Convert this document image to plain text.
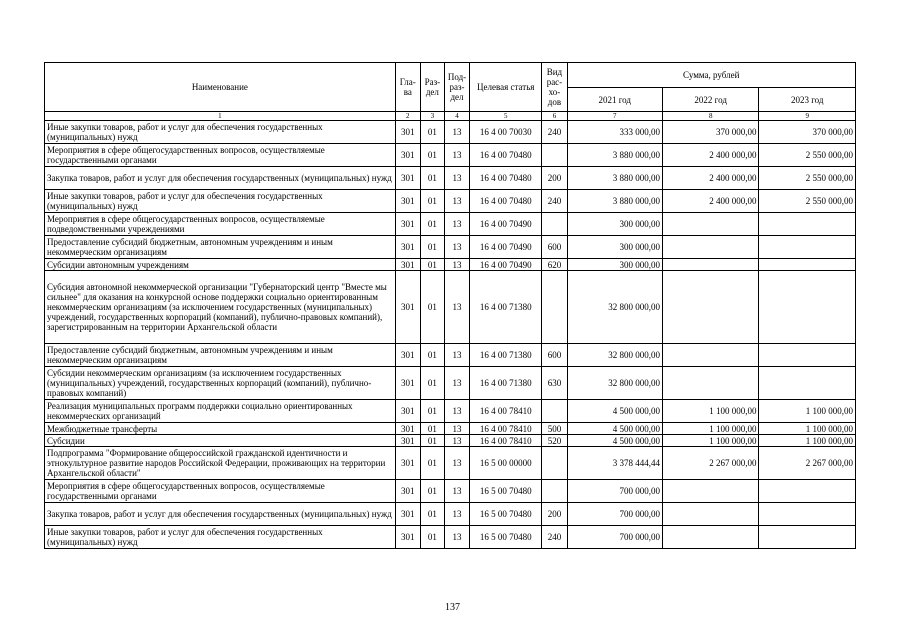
Наименование	Гла-ва	Раз-дел	Под-раз-дел	Целевая статья	Вид рас-хо-дов	Сумма, рублей		
						2021 год	2022 год	2023 год
1	2	3	4	5	6	7	8	9
Иные закупки товаров, работ и услуг для обеспечения государственных (муниципальных) нужд	301	01	13	16 4 00 70030	240	333 000,00	370 000,00	370 000,00
Мероприятия в сфере общегосударственных вопросов, осуществляемые государственными органами	301	01	13	16 4 00 70480		3 880 000,00	2 400 000,00	2 550 000,00
Закупка товаров, работ и услуг для обеспечения государственных (муниципальных) нужд	301	01	13	16 4 00 70480	200	3 880 000,00	2 400 000,00	2 550 000,00
Иные закупки товаров, работ и услуг для обеспечения государственных (муниципальных) нужд	301	01	13	16 4 00 70480	240	3 880 000,00	2 400 000,00	2 550 000,00
Мероприятия в сфере общегосударственных вопросов, осуществляемые подведомственными учреждениями	301	01	13	16 4 00 70490		300 000,00		
Предоставление субсидий бюджетным, автономным учреждениям и иным некоммерческим организациям	301	01	13	16 4 00 70490	600	300 000,00		
Субсидии автономным учреждениям	301	01	13	16 4 00 70490	620	300 000,00		
Субсидия автономной некоммерческой организации "Губернаторский центр "Вместе мы сильнее" для оказания на конкурсной основе поддержки социально ориентированным некоммерческим организациям (за исключением государственных (муниципальных) учреждений, государственных корпораций (компаний), публично-правовых компаний), зарегистрированным на территории Архангельской области	301	01	13	16 4 00 71380		32 800 000,00		
Предоставление субсидий бюджетным, автономным учреждениям и иным некоммерческим организациям	301	01	13	16 4 00 71380	600	32 800 000,00		
Субсидии некоммерческим организациям (за исключением государственных (муниципальных) учреждений, государственных корпораций (компаний), публично-правовых компаний)	301	01	13	16 4 00 71380	630	32 800 000,00		
Реализация муниципальных программ поддержки социально ориентированных некоммерческих организаций	301	01	13	16 4 00 78410		4 500 000,00	1 100 000,00	1 100 000,00
Межбюджетные трансферты	301	01	13	16 4 00 78410	500	4 500 000,00	1 100 000,00	1 100 000,00
Субсидии	301	01	13	16 4 00 78410	520	4 500 000,00	1 100 000,00	1 100 000,00
Подпрограмма "Формирование общероссийской гражданской идентичности и этнокультурное развитие народов Российской Федерации, проживающих на территории Архангельской области"	301	01	13	16 5 00 00000		3 378 444,44	2 267 000,00	2 267 000,00
Мероприятия в сфере общегосударственных вопросов, осуществляемые государственными органами	301	01	13	16 5 00 70480		700 000,00		
Закупка товаров, работ и услуг для обеспечения государственных (муниципальных) нужд	301	01	13	16 5 00 70480	200	700 000,00		
Иные закупки товаров, работ и услуг для обеспечения государственных (муниципальных) нужд	301	01	13	16 5 00 70480	240	700 000,00		
137
